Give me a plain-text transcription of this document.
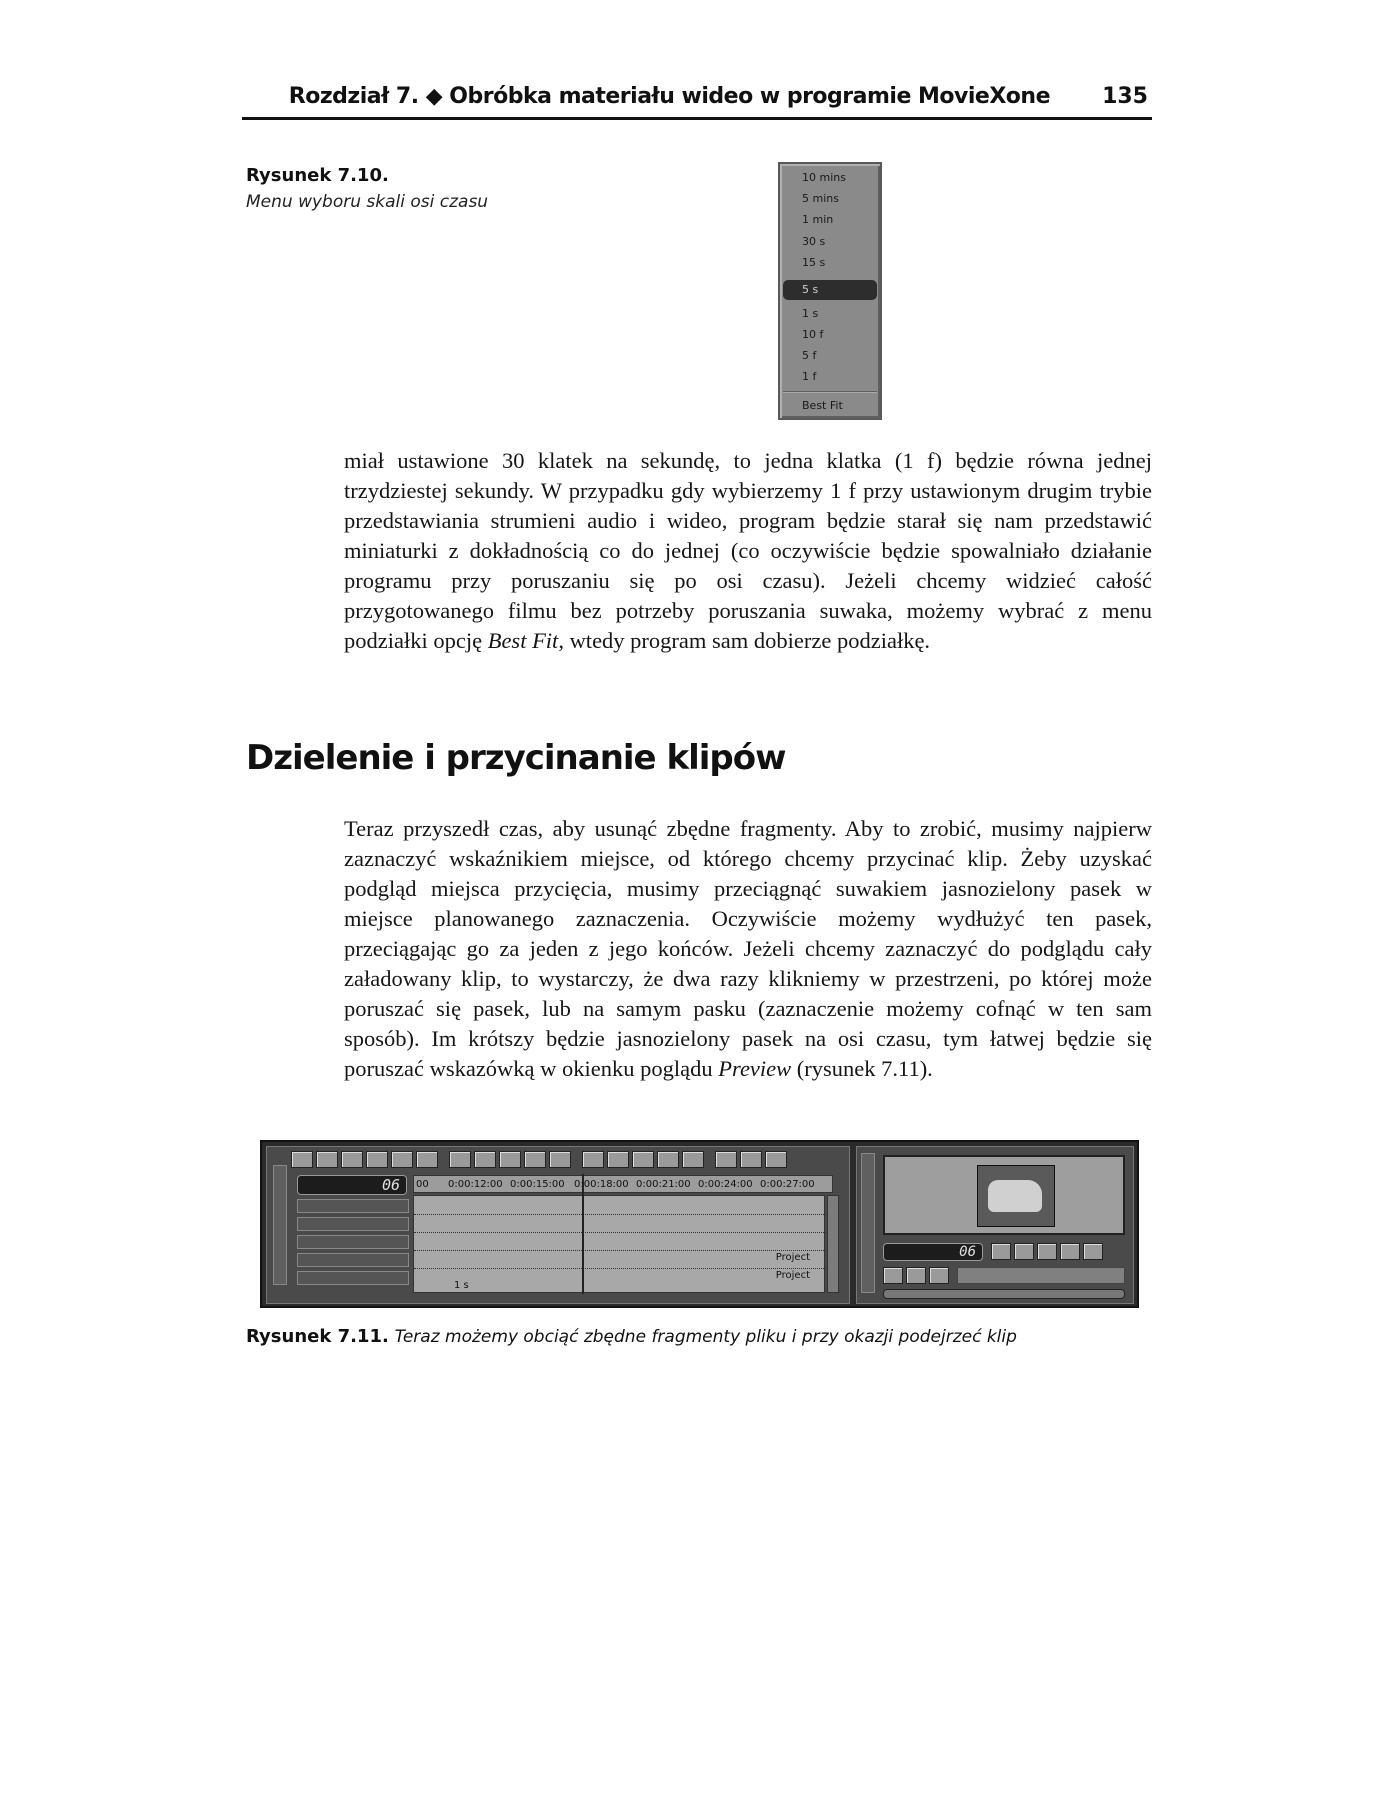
Rozdział 7. ◆ Obróbka materiału wideo w programie MovieXone 135
Rysunek 7.10.
Menu wyboru skali osi czasu
10 mins
5 mins
1 min
30 s
15 s
5 s
1 s
10 f
5 f
1 f
Best Fit
miał ustawione 30 klatek na sekundę, to jedna klatka (1 f) będzie równa jednej trzydziestej sekundy. W przypadku gdy wybierzemy 1 f przy ustawionym drugim trybie przedstawiania strumieni audio i wideo, program będzie starał się nam przedstawić miniaturki z dokładnością co do jednej (co oczywiście będzie spowalniało działanie programu przy poruszaniu się po osi czasu). Jeżeli chcemy widzieć całość przygotowanego filmu bez potrzeby poruszania suwaka, możemy wybrać z menu podziałki opcję Best Fit, wtedy program sam dobierze podziałkę.
Dzielenie i przycinanie klipów
Teraz przyszedł czas, aby usunąć zbędne fragmenty. Aby to zrobić, musimy najpierw zaznaczyć wskaźnikiem miejsce, od którego chcemy przycinać klip. Żeby uzyskać podgląd miejsca przycięcia, musimy przeciągnąć suwakiem jasnozielony pasek w miejsce planowanego zaznaczenia. Oczywiście możemy wydłużyć ten pasek, przeciągając go za jeden z jego końców. Jeżeli chcemy zaznaczyć do podglądu cały załadowany klip, to wystarczy, że dwa razy klikniemy w przestrzeni, po której może poruszać się pasek, lub na samym pasku (zaznaczenie możemy cofnąć w ten sam sposób). Im krótszy będzie jasnozielony pasek na osi czasu, tym łatwej będzie się poruszać wskazówką w okienku poglądu Preview (rysunek 7.11).
06	00 0:00:12:00 0:00:15:00 0:00:18:00 0:00:21:00 0:00:24:00 0:00:27:00
Project
Project
1 s
06
Rysunek 7.11. Teraz możemy obciąć zbędne fragmenty pliku i przy okazji podejrzeć klip
